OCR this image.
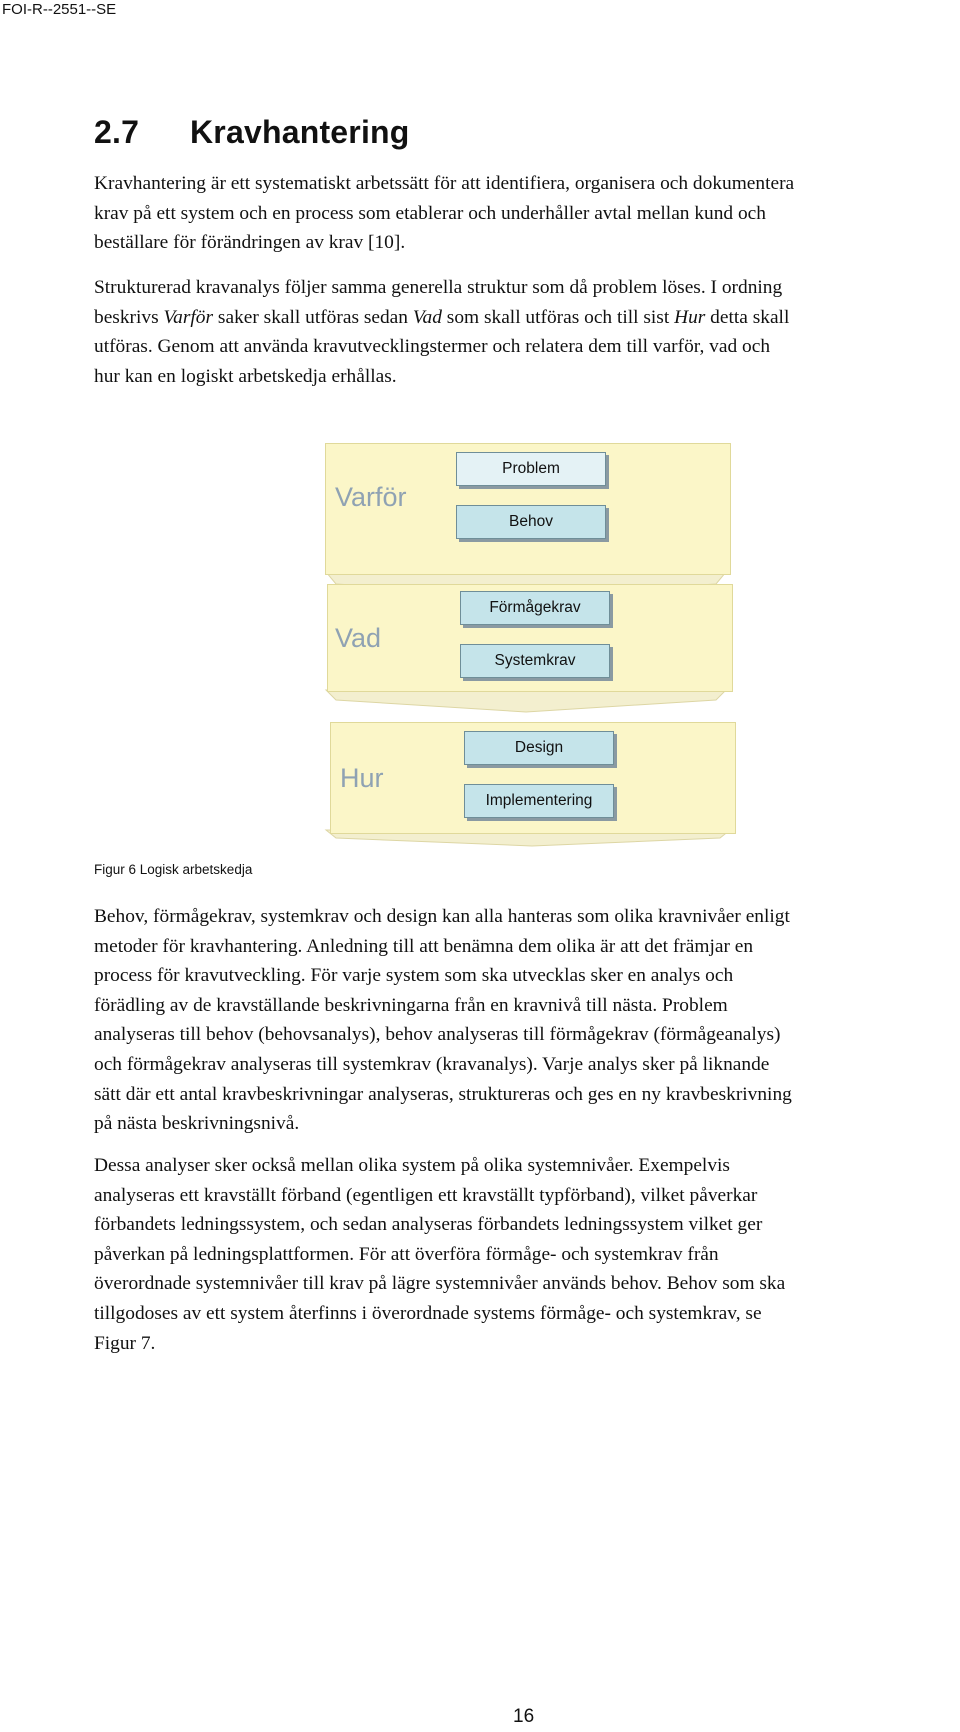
FOI-R--2551--SE
2.7 Kravhantering
Kravhantering är ett systematiskt arbetssätt för att identifiera, organisera och dokumentera
krav på ett system och en process som etablerar och underhåller avtal mellan kund och
beställare för förändringen av krav [10].
Strukturerad kravanalys följer samma generella struktur som då problem löses. I ordning
beskrivs Varför saker skall utföras sedan Vad som skall utföras och till sist Hur detta skall
utföras. Genom att använda kravutvecklingstermer och relatera dem till varför, vad och
hur kan en logiskt arbetskedja erhållas.
Varför
Problem
Behov
Vad
Förmågekrav
Systemkrav
Hur
Design
Implementering
Figur 6 Logisk arbetskedja
Behov, förmågekrav, systemkrav och design kan alla hanteras som olika kravnivåer enligt
metoder för kravhantering. Anledning till att benämna dem olika är att det främjar en
process för kravutveckling. För varje system som ska utvecklas sker en analys och
förädling av de kravställande beskrivningarna från en kravnivå till nästa. Problem
analyseras till behov (behovsanalys), behov analyseras till förmågekrav (förmågeanalys)
och förmågekrav analyseras till systemkrav (kravanalys). Varje analys sker på liknande
sätt där ett antal kravbeskrivningar analyseras, struktureras och ges en ny kravbeskrivning
på nästa beskrivningsnivå.
Dessa analyser sker också mellan olika system på olika systemnivåer. Exempelvis
analyseras ett kravställt förband (egentligen ett kravställt typförband), vilket påverkar
förbandets ledningssystem, och sedan analyseras förbandets ledningssystem vilket ger
påverkan på ledningsplattformen. För att överföra förmåge- och systemkrav från
överordnade systemnivåer till krav på lägre systemnivåer används behov. Behov som ska
tillgodoses av ett system återfinns i överordnade systems förmåge- och systemkrav, se
Figur 7.
16
